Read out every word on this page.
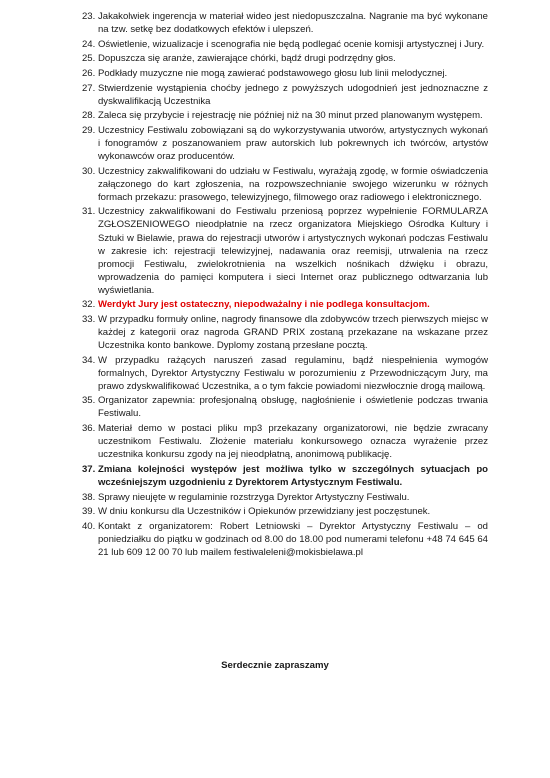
23. Jakakolwiek ingerencja w materiał wideo jest niedopuszczalna. Nagranie ma być wykonane na tzw. setkę bez dodatkowych efektów i ulepszeń.
24. Oświetlenie, wizualizacje i scenografia nie będą podlegać ocenie komisji artystycznej i Jury.
25. Dopuszcza się aranże, zawierające chórki, bądź drugi podrzędny głos.
26. Podkłady muzyczne nie mogą zawierać podstawowego głosu lub linii melodycznej.
27. Stwierdzenie wystąpienia choćby jednego z powyższych udogodnień jest jednoznaczne z dyskwalifikacją Uczestnika
28. Zaleca się przybycie i rejestrację nie później niż na 30 minut przed planowanym występem.
29. Uczestnicy Festiwalu zobowiązani są do wykorzystywania utworów, artystycznych wykonań i fonogramów z poszanowaniem praw autorskich lub pokrewnych ich twórców, artystów wykonawców oraz producentów.
30. Uczestnicy zakwalifikowani do udziału w Festiwalu, wyrażają zgodę, w formie oświadczenia załączonego do kart zgłoszenia, na rozpowszechnianie swojego wizerunku w różnych formach przekazu: prasowego, telewizyjnego, filmowego oraz radiowego i elektronicznego.
31. Uczestnicy zakwalifikowani do Festiwalu przeniosą poprzez wypełnienie FORMULARZA ZGŁOSZENIOWEGO nieodpłatnie na rzecz organizatora Miejskiego Ośrodka Kultury i Sztuki w Bielawie, prawa do rejestracji utworów i artystycznych wykonań podczas Festiwalu w zakresie ich: rejestracji telewizyjnej, nadawania oraz reemisji, utrwalenia na rzecz promocji Festiwalu, zwielokrotnienia na wszelkich nośnikach dźwięku i obrazu, wprowadzenia do pamięci komputera i sieci Internet oraz publicznego odtwarzania lub wyświetlania.
32. Werdykt Jury jest ostateczny, niepodważalny i nie podlega konsultacjom.
33. W przypadku formuły online, nagrody finansowe dla zdobywców trzech pierwszych miejsc w każdej z kategorii oraz nagroda GRAND PRIX zostaną przekazane na wskazane przez Uczestnika konto bankowe. Dyplomy zostaną przesłane pocztą.
34. W przypadku rażących naruszeń zasad regulaminu, bądź niespełnienia wymogów formalnych, Dyrektor Artystyczny Festiwalu w porozumieniu z Przewodniczącym Jury, ma prawo zdyskwalifikować Uczestnika, a o tym fakcie powiadomi niezwłocznie drogą mailową.
35. Organizator zapewnia: profesjonalną obsługę, nagłośnienie i oświetlenie podczas trwania Festiwalu.
36. Materiał demo w postaci pliku mp3 przekazany organizatorowi, nie będzie zwracany uczestnikom Festiwalu. Złożenie materiału konkursowego oznacza wyrażenie przez uczestnika konkursu zgody na jej nieodpłatną, anonimową publikację.
37. Zmiana kolejności występów jest możliwa tylko w szczególnych sytuacjach po wcześniejszym uzgodnieniu z Dyrektorem Artystycznym Festiwalu.
38. Sprawy nieujęte w regulaminie rozstrzyga Dyrektor Artystyczny Festiwalu.
39. W dniu konkursu dla Uczestników i Opiekunów przewidziany jest poczęstunek.
40. Kontakt z organizatorem: Robert Letniowski – Dyrektor Artystyczny Festiwalu – od poniedziałku do piątku w godzinach od 8.00 do 18.00 pod numerami telefonu +48 74 645 64 21 lub 609 12 00 70 lub mailem festiwaleleni@mokisbielawa.pl
Serdecznie zapraszamy
